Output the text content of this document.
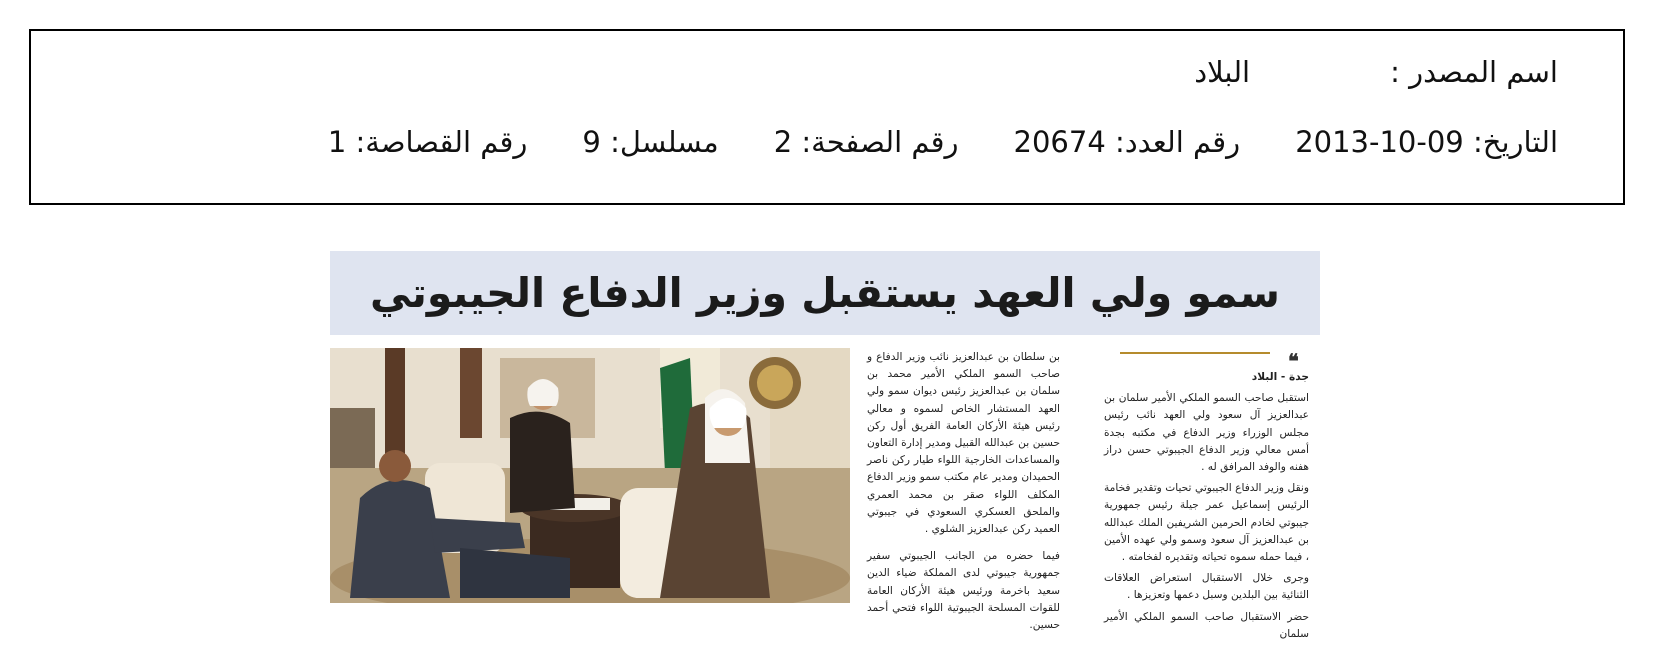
اسم المصدر :
البلاد
التاريخ: 2013-10-09
رقم العدد: 20674
رقم الصفحة: 2
مسلسل: 9
رقم القصاصة: 1
سمو ولي العهد يستقبل وزير الدفاع الجيبوتي
❝

جدة - البلاد

استقبل صاحب السمو الملكي الأمير سلمان بن عبدالعزيز آل سعود ولي العهد نائب رئيس مجلس الوزراء وزير الدفاع في مكتبه بجدة أمس معالي وزير الدفاع الجيبوتي حسن دراز هفنه والوفد المرافق له .

ونقل وزير الدفاع الجيبوتي تحيات وتقدير فخامة الرئيس إسماعيل عمر جيلة رئيس جمهورية جيبوتي لخادم الحرمين الشريفين الملك عبدالله بن عبدالعزيز آل سعود وسمو ولي عهده الأمين ، فيما حمله سموه تحياته وتقديره لفخامته .

وجرى خلال الاستقبال استعراض العلاقات الثنائية بين البلدين وسبل دعمها وتعزيزها .

حضر الاستقبال صاحب السمو الملكي الأمير سلمان

بن سلطان بن عبدالعزيز نائب وزير الدفاع و صاحب السمو الملكي الأمير محمد بن سلمان بن عبدالعزيز رئيس ديوان سمو ولي العهد المستشار الخاص لسموه و معالي رئيس هيئة الأركان العامة الفريق أول ركن حسين بن عبدالله القبيل ومدير إدارة التعاون والمساعدات الخارجية اللواء طيار ركن ناصر الحميدان ومدير عام مكتب سمو وزير الدفاع المكلف اللواء صقر بن محمد العمري والملحق العسكري السعودي في جيبوتي العميد ركن عبدالعزيز الشلوي .

فيما حضره من الجانب الجيبوتي سفير جمهورية جيبوتي لدى المملكة ضياء الدين سعيد باخرمة ورئيس هيئة الأركان العامة للقوات المسلحة الجيبوتية اللواء فتحي أحمد حسين.
